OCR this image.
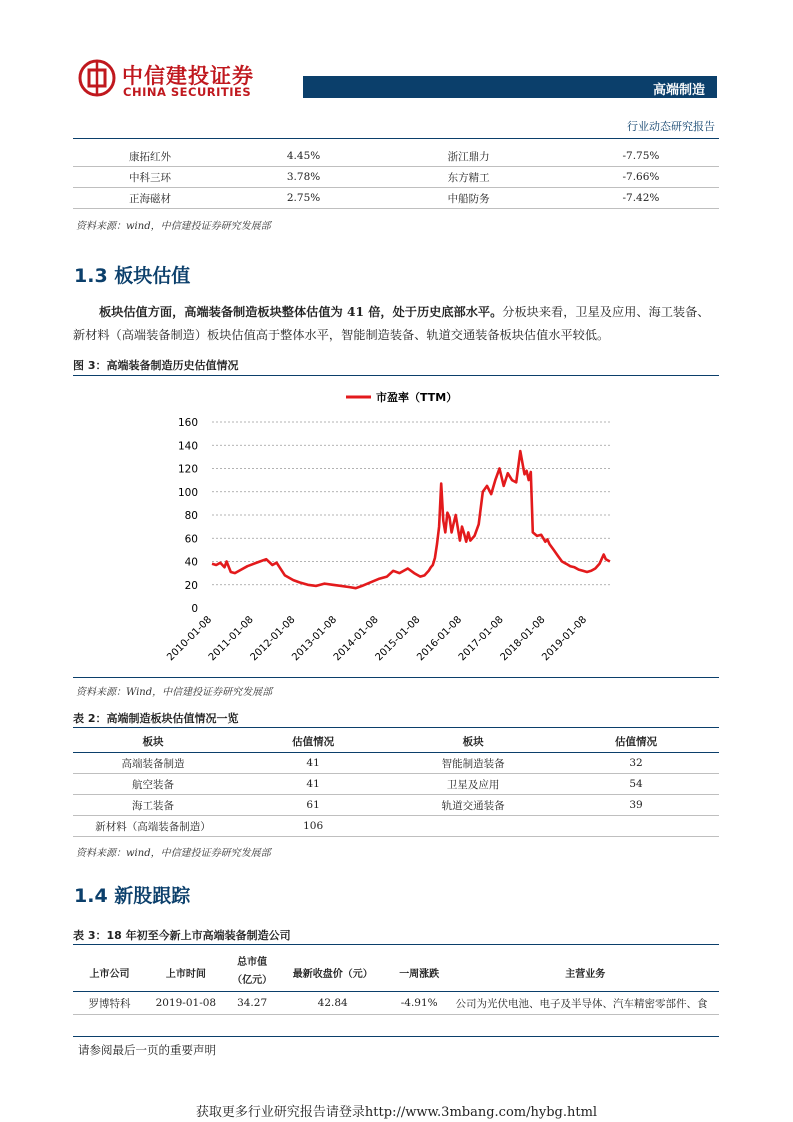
中信建投证券
CHINA SECURITIES	高端制造
行业动态研究报告
康拓红外	4.45%	浙江鼎力	-7.75%
中科三环	3.78%	东方精工	-7.66%
正海磁材	2.75%	中船防务	-7.42%
资料来源：wind，中信建投证券研究发展部
1.3 板块估值
板块估值方面，高端装备制造板块整体估值为 41 倍，处于历史底部水平。分板块来看，卫星及应用、海工装备、新材料（高端装备制造）板块估值高于整体水平，智能制造装备、轨道交通装备板块估值水平较低。
图 3：高端装备制造历史估值情况
0
20
40
60
80
100
120
140
160
2010-01-08
2011-01-08
2012-01-08
2013-01-08
2014-01-08
2015-01-08
2016-01-08
2017-01-08
2018-01-08
2019-01-08
市盈率（TTM）
资料来源：Wind，中信建投证券研究发展部
表 2：高端制造板块估值情况一览
板块	估值情况	板块	估值情况
高端装备制造	41	智能制造装备	32
航空装备	41	卫星及应用	54
海工装备	61	轨道交通装备	39
新材料（高端装备制造）	106		
资料来源：wind，中信建投证券研究发展部
1.4 新股跟踪
表 3：18 年初至今新上市高端装备制造公司
上市公司	上市时间	总市值
（亿元）	最新收盘价（元）	一周涨跌	主营业务
罗博特科	2019-01-08	34.27	42.84	-4.91%	公司为光伏电池、电子及半导体、汽车精密零部件、食
请参阅最后一页的重要声明
获取更多行业研究报告请登录http://www.3mbang.com/hybg.html
